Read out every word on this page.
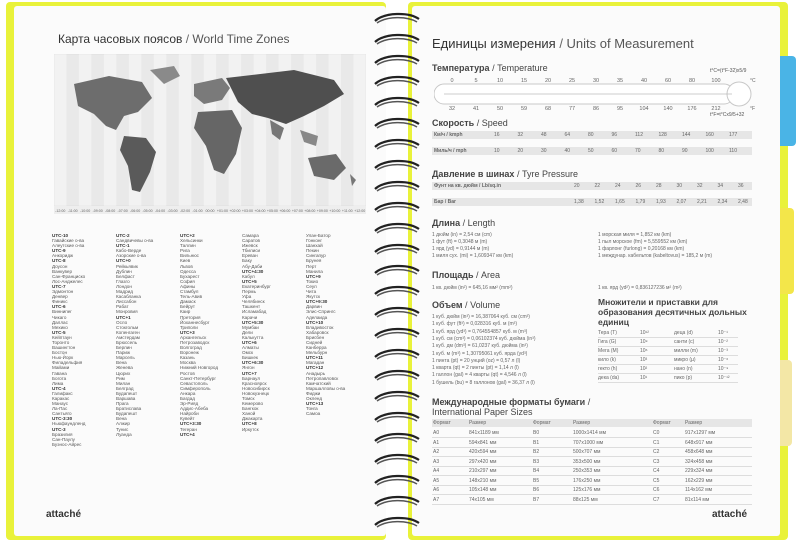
Карта часовых поясов / World Time Zones
-12:00 -11:00 -10:00 -09:00 -08:00 -07:00 -06:00 -05:00 -04:00 -03:00 -02:00 -01:00 00:00 +01:00 +02:00 +03:00 +04:00 +05:00 +06:00 +07:00 +08:00 +09:00 +10:00 +11:00 +12:00
UTC-10
Гавайские о-ва
Алеутские о-ва
UTC-9
Анкоридж
UTC-8
Доусон
Ванкувер
Сан-Франциско
Лос-Анджелес
UTC-7
Эдмонтон
Денвер
Финикс
UTC-6
Виннипег
Чикаго
Даллас
Мехико
UTC-5
Кейптаун
Торонто
Вашингтон
Бостон
Нью-Йорк
Филадельфия
Майами
Гавана
Богота
Лима
UTC-4
Галифакс
Каракас
Манаус
Ла-Пас
Сантьяго
UTC-3:30
Ньюфаундленд
UTC-3
Бразилия
Сан-Паулу
Буэнос-Айрес
UTC-2
Сандвичевы о-ва
UTC-1
Кабо-Верде
Азорские о-ва
UTC+0
Рейкьявик
Дублин
Белфаст
Глазго
Лондон
Мадрид
Касабланка
Лиссабон
Рабат
Монровия
UTC+1
Осло
Стокгольм
Копенгаген
Амстердам
Брюссель
Берлин
Париж
Марсель
Вена
Женева
Цюрих
Рим
Милан
Белград
Будапешт
Варшава
Прага
Братислава
Будапешт
Вена
Алжир
Тунис
Луанда
UTC+2
Хельсинки
Таллин
Рига
Вильнюс
Киев
Львов
Одесса
Бухарест
София
Афины
Стамбул
Тель-Авив
Дамаск
Бейрут
Каир
Претория
Йоханнесбург
Триполи
UTC+3
Архангельск
Петрозаводск
Волгоград
Воронеж
Казань
Москва
Нижний Новгород
Ростов
Санкт-Петербург
Севастополь
Симферополь
Анкара
Багдад
Эр-Рияд
Аддис-Абеба
Найроби
Кувейт
UTC+3:30
Тегеран
UTC+4
Самара
Саратов
Ижевск
Тбилиси
Ереван
Баку
Абу-Даби
UTC+4:30
Кабул
UTC+5
Екатеринбург
Пермь
Уфа
Челябинск
Ташкент
Исламабад
Карачи
UTC+5:30
Мумбаи
Дели
Калькутта
UTC+6
Алматы
Омск
Бишкек
UTC+6:30
Янгон
UTC+7
Барнаул
Красноярск
Новосибирск
Новокузнецк
Томск
Кемерово
Бангкок
Ханой
Джакарта
UTC+8
Иркутск
Улан-Батор
Гонконг
Шанхай
Пекин
Сингапур
Брунея
Перт
Манила
UTC+9
Токио
Сеул
Чита
Якутск
UTC+9:30
Дарвин
Элис-Спрингс
Аделаида
UTC+10
Владивосток
Хабаровск
Брисбен
Сидней
Канберра
Мельбурн
UTC+11
Магадан
UTC+12
Анадырь
Петропавловск
Камчатский
Маршалловы о-ва
Фиджи
Окленд
UTC+13
Тонга
Самоа
attaché
Единицы измерения / Units of Measurement
Температура / Temperature	t°C=(t°F-32)x5/9
0
32
5
41
10
50
15
59
20
68
25
77
30
86
35
95
40
104
60
140
80
176
100
212
°C
°F
t°F=t°Cx9/5+32
Скорость / Speed
Км/ч / kmph	16	32	48	64	80	96	112	128	144	160	177
Миль/ч / mph	10	20	30	40	50	60	70	80	90	100	110
Давление в шинах / Tyre Pressure
Фунт на кв. дюйм / Lb/sq.in	20	22	24	26	28	30	32	34	36
Бар / Bar	1,38 1,52 1,65 1,79 1,93 2,07 2,21 2,34 2,48
Длина / Length
1 дюйм (in) = 2,54 см (cm)
1 фут (ft) = 0,3048 м (m)
1 ярд (yd) = 0,9144 м (m)
1 миля сух. (mi) = 1,609347 км (km)
1 морская миля = 1,852 км (km)
1 пыл морское (fm) = 5,559552 км (km)
1 фарлонг (furlong) = 0,20168 км (km)
1 междунар. кабельтов (kabeltovus) = 185,2 м (m)
Площадь / Area
1 кв. дюйм (in²) = 645,16 мм² (mm²)	1 кв. ярд (yd²) = 0,836127236 м² (m²)
Объем / Volume
1 куб. дюйм (in³) = 16,387064 куб. см (cm³)
1 куб. фут (ft³) = 0,028316 куб. м (m³)
1 куб. ярд (yd³) = 0,764554857 куб. м (m³)
1 куб. см (cm³) = 0,06102374 куб. дюйма (in³)
1 куб. дм (dm³) = 61,0237 куб. дюйма (in³)
1 куб. м (m³) = 1,30795061 куб. ярда (yd³)
1 пинта (pt) = 20 унций (oz) = 0,57 л (l)
1 кварта (qt) = 2 пинты (pt) = 1,14 л (l)
1 галлон (gal) = 4 кварты (qt) = 4,546 л (l)
1 бушель (bu) = 8 галлонов (gal) = 36,37 л (l)
Множители и приставки для образования десятичных дольных единиц
Тера (T)	10¹²	деца (d)	10⁻¹
Гига (G)	10⁹	санти (c)	10⁻²
Мега (M)	10⁶	милли (m)	10⁻³
кило (k)	10³	микро (µ)	10⁻⁶
гекто (h)	10²	нано (n)	10⁻⁹
дека (da)	10¹	пико (p)	10⁻¹²
Международные форматы бумаги /
International Paper Sizes
Формат	Размер	Формат	Размер	Формат	Размер
A0	841x1189 мм	B0	1000x1414 мм	C0	917x1297 мм
A1	594x841 мм	B1	707x1000 мм	C1	648x917 мм
A2	420x594 мм	B2	500x707 мм	C2	458x648 мм
A3	297x420 мм	B3	353x500 мм	C3	324x458 мм
A4	210x297 мм	B4	250x353 мм	C4	229x324 мм
A5	148x210 мм	B5	176x250 мм	C5	162x229 мм
A6	105x148 мм	B6	125x176 мм	C6	114x162 мм
A7	74x105 мм	B7	88x125 мм	C7	81x114 мм
attaché
